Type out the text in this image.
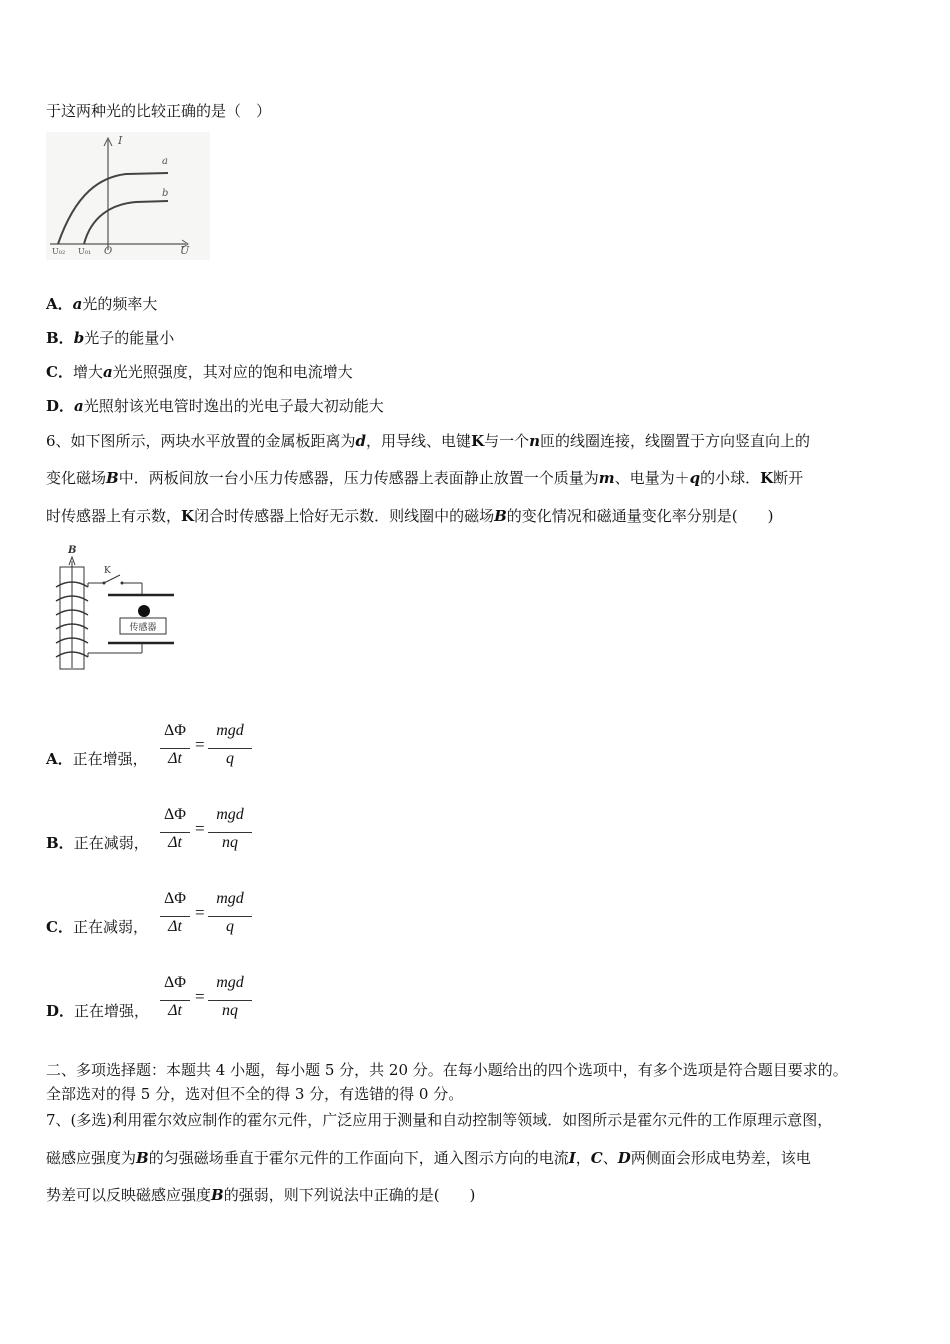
于这两种光的比较正确的是（　）
I
a
b
O	U
U₀₂ U₀₁
A．a光的频率大
B．b光子的能量小
C．增大a光光照强度，其对应的饱和电流增大
D．a光照射该光电管时逸出的光电子最大初动能大
6、如下图所示，两块水平放置的金属板距离为d，用导线、电键K与一个n匝的线圈连接，线圈置于方向竖直向上的
变化磁场B中．两板间放一台小压力传感器，压力传感器上表面静止放置一个质量为m、电量为＋q的小球．K断开
时传感器上有示数，K闭合时传感器上恰好无示数．则线圈中的磁场B的变化情况和磁通量变化率分别是(　　)
B
K
传感器
A．正在增强，
ΔΦ
Δt
=
mgd
q
B．正在减弱，
ΔΦ
Δt
=
mgd
nq
C．正在减弱，
ΔΦ
Δt
=
mgd
q
D．正在增强，
ΔΦ
Δt
=
mgd
nq
二、多项选择题：本题共 4 小题，每小题 5 分，共 20 分。在每小题给出的四个选项中，有多个选项是符合题目要求的。
全部选对的得 5 分，选对但不全的得 3 分，有选错的得 0 分。
7、(多选)利用霍尔效应制作的霍尔元件，广泛应用于测量和自动控制等领域．如图所示是霍尔元件的工作原理示意图，
磁感应强度为B的匀强磁场垂直于霍尔元件的工作面向下，通入图示方向的电流I，C、D两侧面会形成电势差，该电
势差可以反映磁感应强度B的强弱，则下列说法中正确的是(　　)
